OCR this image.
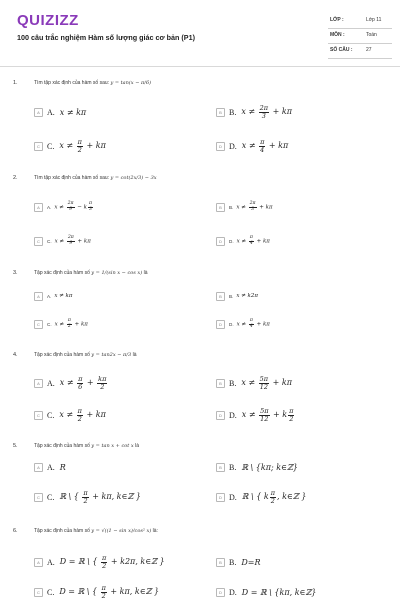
QUIZIZZ
100 câu trắc nghiệm Hàm số lượng giác cơ bản (P1)
LỚP :	Lớp 11
MÔN :	Toán
SỐ CÂU :	27
1.	Tìm tập xác định của hàm số sau: y = tan(x − π/6)
A A. x ≠ kπ	B B. $x \ne \frac{2\pi}{3} + k\pi$
C C. $x \ne \frac{\pi}{2} + k\pi$	D D. $x \ne \frac{\pi}{4} + k\pi$
2.	Tìm tập xác định của hàm số sau: y = cot(2x/3) − 3x
A	A. $x \ne \frac{2\pi}{9} - k \frac{\pi}{3}$	B	B. $x \ne \frac{2\pi}{3} + k\pi$
C	C. $x \ne \frac{2\pi}{9} + k\pi$	D	D. $x \ne \frac{\pi}{4} + k\pi$
3.	Tập xác định của hàm số y = 1/(sin x − cos x) là
A	A. x ≠ kπ	B	B. x ≠ k2π
C	C. $x \ne \frac{\pi}{2} + k\pi$	D	D. $x \ne \frac{\pi}{4} + k\pi$
4.	Tập xác định của hàm số y = tan2x − π/3 là
A A. $x \ne \frac{\pi}{6} + \frac{k\pi}{2}$	B B. $x \ne \frac{5\pi}{12} + k\pi$
C C. $x \ne \frac{\pi}{2} + k\pi$	D D. $x \ne \frac{5\pi}{12} + k \frac{\pi}{2}$
5.	Tập xác định của hàm số y = tan x + cot x là
A A. R	B B. ℝ \ {kπ; k∈ℤ}
C C. ℝ \ { $\frac{\pi}{2} + k\pi$, k∈ℤ }	D D. ℝ \ { k $\frac{\pi}{2}$ , k∈ℤ }
6.	Tập xác định của hàm số y = √((1 − sin x)/cos² x) là:
A A. D = ℝ \ { $\frac{\pi}{2} + k2\pi$, k∈ℤ }	B B. D=R
C C. D = ℝ \ { $\frac{\pi}{2} + k\pi$, k∈ℤ }	D D. D = ℝ \ {kπ, k∈ℤ}
